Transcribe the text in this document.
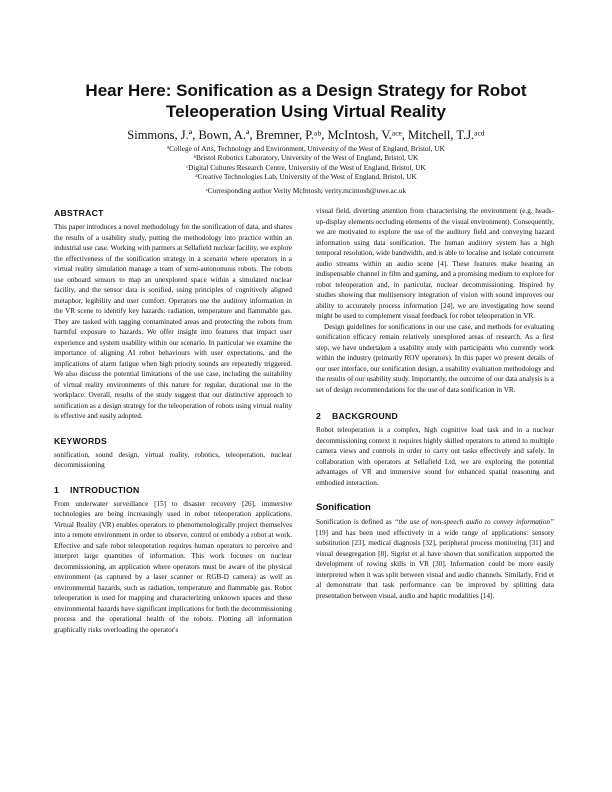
Hear Here: Sonification as a Design Strategy for Robot Teleoperation Using Virtual Reality
Simmons, J.ª, Bown, A.ª, Bremner, P.ᵃᵇ, McIntosh, V.ᵃᶜᵉ, Mitchell, T.J.ᵃᶜᵈ
ªCollege of Arts, Technology and Environment, University of the West of England, Bristol, UK
ᵇBristol Robotics Laboratory, University of the West of England, Bristol, UK
ᶜDigital Cultures Research Centre, University of the West of England, Bristol, UK
ᵈCreative Technologies Lab, University of the West of England, Bristol, UK
ᵉCorresponding author Verity McIntosh; verity.mcintosh@uwe.ac.uk
ABSTRACT

This paper introduces a novel methodology for the sonification of data, and shares the results of a usability study, putting the methodology into practice within an industrial use case. Working with partners at Sellafield nuclear facility, we explore the effectiveness of the sonification strategy in a scenario where operators in a virtual reality simulation manage a team of semi-autonomous robots. The robots use onboard sensors to map an unexplored space within a simulated nuclear facility, and the sensor data is sonified, using principles of cognitively aligned metaphor, legibility and user comfort. Operators use the auditory information in the VR scene to identify key hazards: radiation, temperature and flammable gas. They are tasked with tagging contaminated areas and protecting the robots from harmful exposure to hazards. We offer insight into features that impact user experience and system usability within our scenario. In particular we examine the importance of aligning AI robot behaviours with user expectations, and the implications of alarm fatigue when high priority sounds are repeatedly triggered. We also discuss the potential limitations of the use case, including the suitability of virtual reality environments of this nature for regular, durational use in the workplace. Overall, results of the study suggest that our distinctive approach to sonification as a design strategy for the teleoperation of robots using virtual reality is effective and easily adopted.

KEYWORDS

sonification, sound design, virtual reality, robotics, teleoperation, nuclear decommissioning

1 INTRODUCTION

From underwater surveillance [15] to disaster recovery [26], immersive technologies are being increasingly used in robot teleoperation applications. Virtual Reality (VR) enables operators to phenomenologically project themselves into a remote environment in order to observe, control or embody a robot at work. Effective and safe robot teleoperation requires human operators to perceive and interpret large quantities of information. This work focuses on nuclear decommissioning, an application where operators must be aware of the physical environment (as captured by a laser scanner or RGB-D camera) as well as environmental hazards, such as radiation, temperature and flammable gas. Robot teleoperation is used for mapping and characterizing unknown spaces and these environmental hazards have significant implications for both the decommissioning process and the operational health of the robots. Plotting all information graphically risks overloading the operator's

visual field, diverting attention from characterising the environment (e.g. heads-up-display elements occluding elements of the visual environment). Consequently, we are motivated to explore the use of the auditory field and conveying hazard information using data sonification. The human auditory system has a high temporal resolution, wide bandwidth, and is able to localise and isolate concurrent audio streams within an audio scene [4]. These features make hearing an indispensable channel in film and gaming, and a promising medium to explore for robot teleoperation and, in particular, nuclear decommissioning. Inspired by studies showing that multisensory integration of vision with sound improves our ability to accurately process information [24], we are investigating how sound might be used to complement visual feedback for robot teleoperation in VR.

Design guidelines for sonifications in our use case, and methods for evaluating sonification efficacy remain relatively unexplored areas of research. As a first step, we have undertaken a usability study with participants who currently work within the industry (primarily ROV operators). In this paper we present details of our user interface, our sonification design, a usability evaluation methodology and the results of our usability study. Importantly, the outcome of our data analysis is a set of design recommendations for the use of data sonification in VR.

2 BACKGROUND

Robot teleoperation is a complex, high cognitive load task and in a nuclear decommissioning context it requires highly skilled operators to attend to multiple camera views and controls in order to carry out tasks effectively and safely. In collaboration with operators at Sellafield Ltd, we are exploring the potential advantages of VR and immersive sound for enhanced spatial reasoning and embodied interaction.

Sonification

Sonification is defined as “the use of non-speech audio to convey information” [19] and has been used effectively in a wide range of applications: sensory substitution [23], medical diagnosis [32], peripheral process monitoring [31] and visual desegregation [8]. Sigrist et al have shown that sonification supported the development of rowing skills in VR [30]. Information could be more easily interpreted when it was split between visual and audio channels. Similarly, Frid et al demonstrate that task performance can be improved by splitting data presentation between visual, audio and haptic modalities [14].
